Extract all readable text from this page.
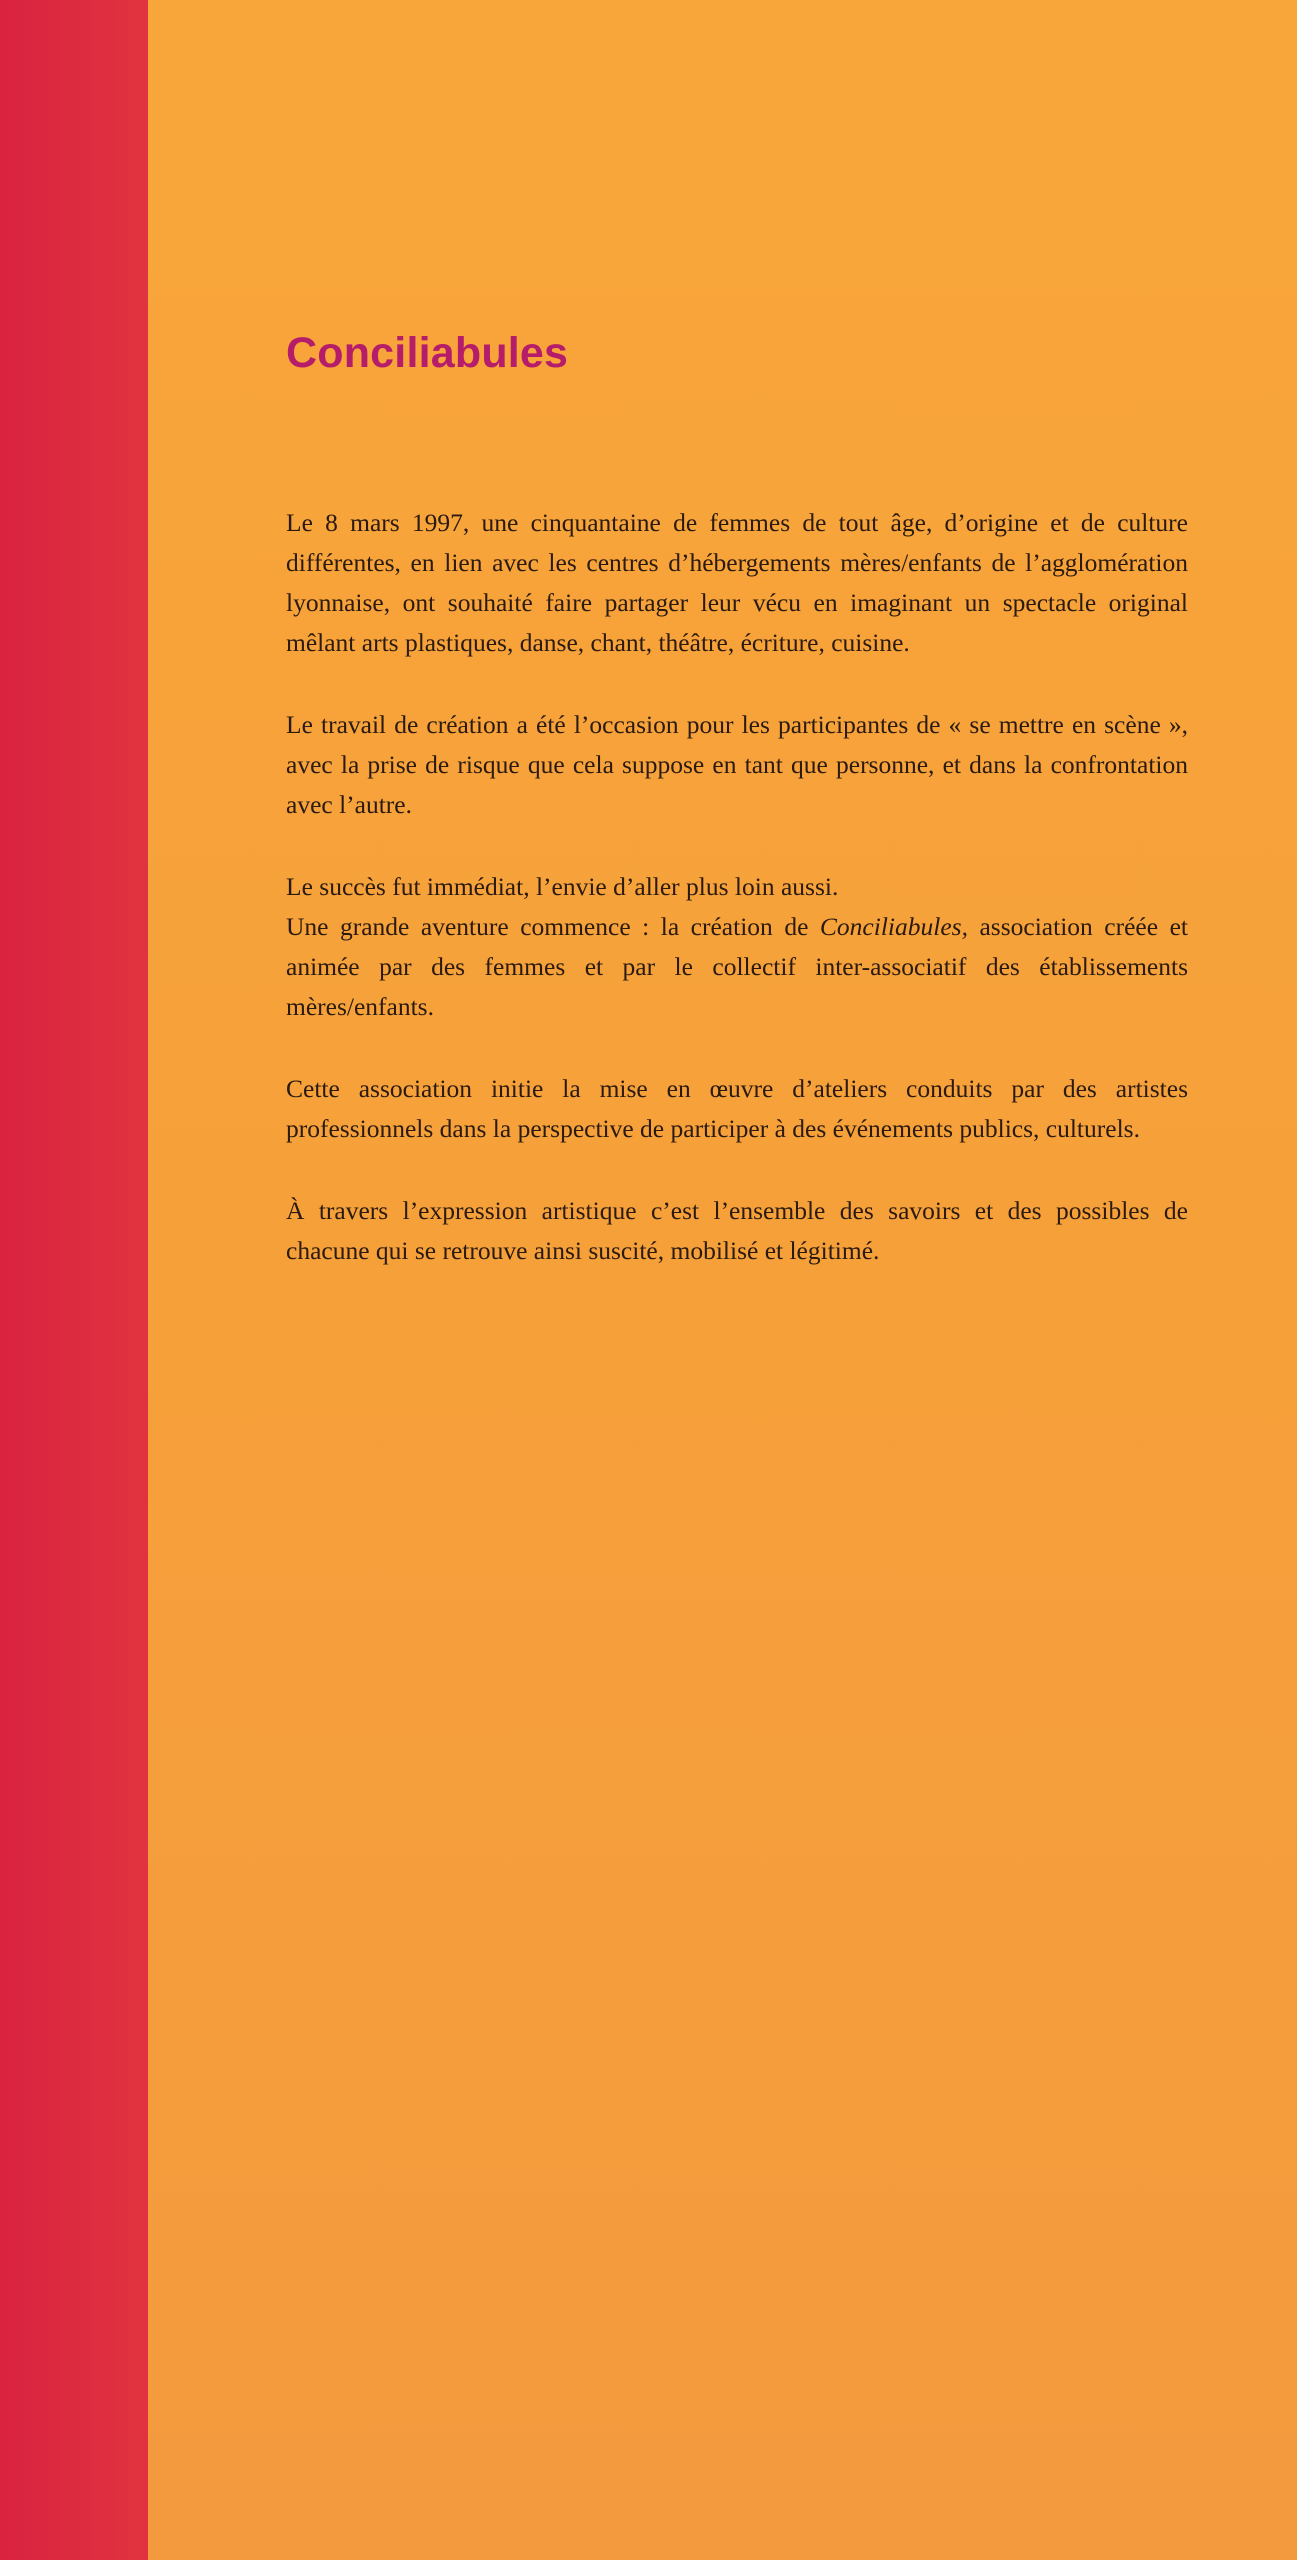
Conciliabules

Le 8 mars 1997, une cinquantaine de femmes de tout âge, d’origine et de culture différentes, en lien avec les centres d’hébergements mères/enfants de l’agglomération lyonnaise, ont souhaité faire partager leur vécu en imaginant un spectacle original mêlant arts plastiques, danse, chant, théâtre, écriture, cuisine.

Le travail de création a été l’occasion pour les participantes de « se mettre en scène », avec la prise de risque que cela suppose en tant que personne, et dans la confrontation avec l’autre.

Le succès fut immédiat, l’envie d’aller plus loin aussi.

Une grande aventure commence : la création de Conciliabules, association créée et animée par des femmes et par le collectif inter-associatif des établissements mères/enfants.

Cette association initie la mise en œuvre d’ateliers conduits par des artistes professionnels dans la perspective de participer à des événements publics, culturels.

À travers l’expression artistique c’est l’ensemble des savoirs et des possibles de chacune qui se retrouve ainsi suscité, mobilisé et légitimé.
